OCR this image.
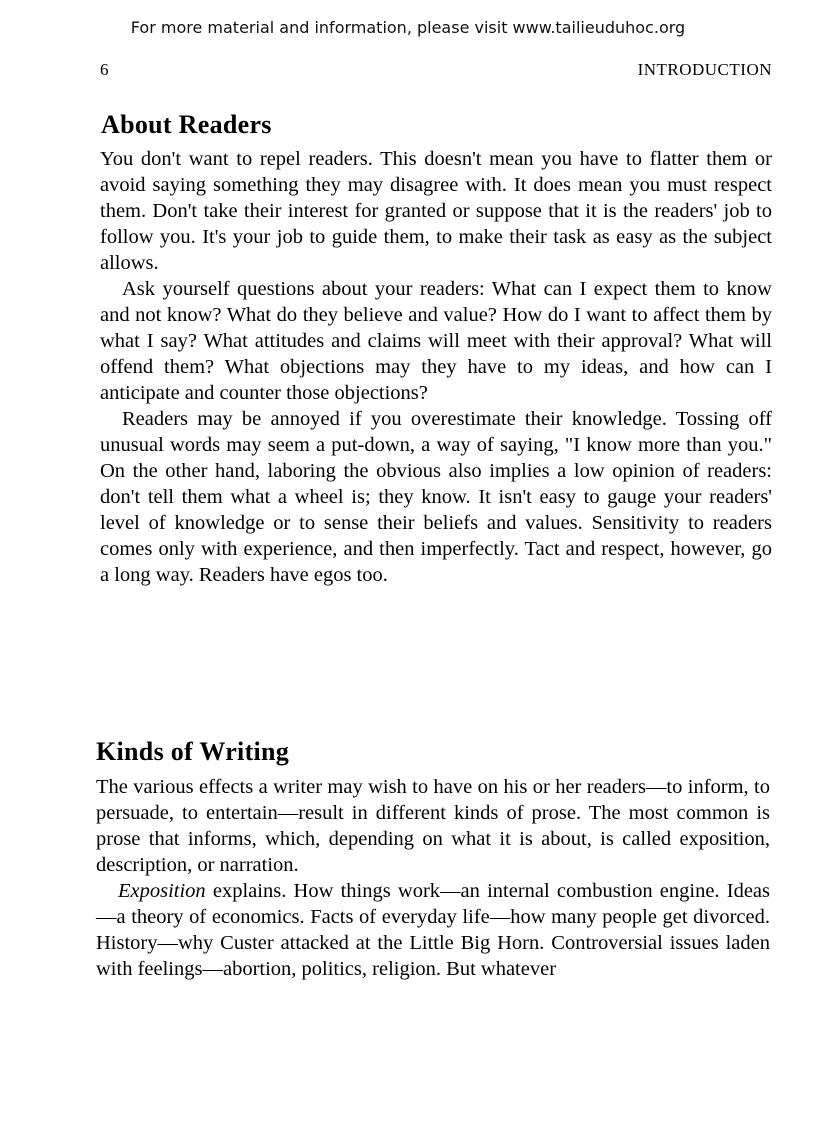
For more material and information, please visit www.tailieuduhoc.org
6	INTRODUCTION
About Readers

You don't want to repel readers. This doesn't mean you have to flatter them or avoid saying something they may disagree with. It does mean you must respect them. Don't take their interest for granted or suppose that it is the readers' job to follow you. It's your job to guide them, to make their task as easy as the subject allows.

Ask yourself questions about your readers: What can I expect them to know and not know? What do they believe and value? How do I want to affect them by what I say? What attitudes and claims will meet with their approval? What will offend them? What objections may they have to my ideas, and how can I anticipate and counter those objections?

Readers may be annoyed if you overestimate their knowledge. Tossing off unusual words may seem a put-down, a way of saying, "I know more than you." On the other hand, laboring the obvious also implies a low opinion of readers: don't tell them what a wheel is; they know. It isn't easy to gauge your readers' level of knowledge or to sense their beliefs and values. Sensitivity to readers comes only with experience, and then imperfectly. Tact and respect, however, go a long way. Readers have egos too.

Kinds of Writing

The various effects a writer may wish to have on his or her readers—to inform, to persuade, to entertain—result in different kinds of prose. The most common is prose that informs, which, depending on what it is about, is called exposition, description, or narration.

Exposition explains. How things work—an internal combustion engine. Ideas—a theory of economics. Facts of everyday life—how many people get divorced. History—why Custer attacked at the Little Big Horn. Controversial issues laden with feelings—abortion, politics, religion. But whatever
